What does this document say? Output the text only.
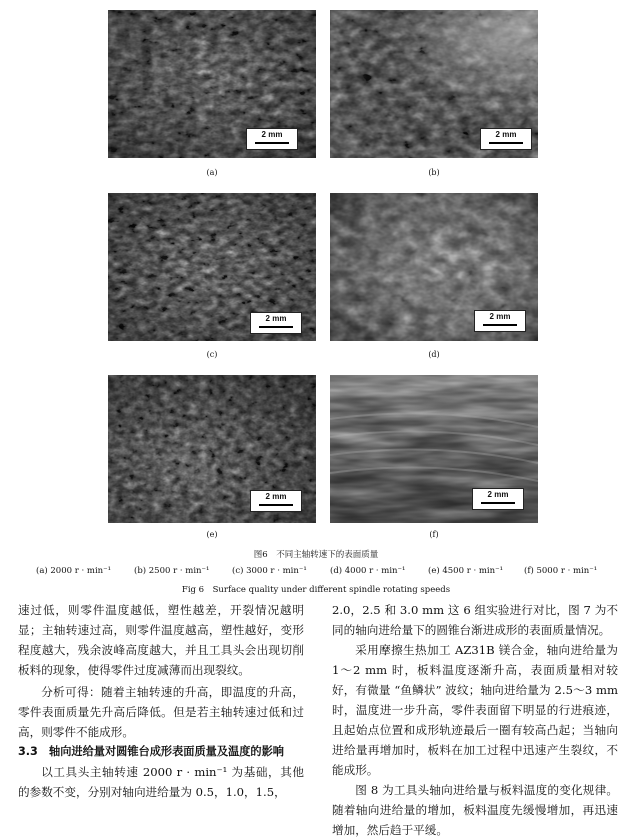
2 mm
(a)
2 mm
(b)
2 mm
(c)
2 mm
(d)
2 mm
(e)
2 mm
(f)
图6　不同主轴转速下的表面质量
(a) 2000 r · min⁻¹	(b) 2500 r · min⁻¹	(c) 3000 r · min⁻¹	(d) 4000 r · min⁻¹	(e) 4500 r · min⁻¹ (f) 5000 r · min⁻¹
Fig 6　Surface quality under different spindle rotating speeds

速过低，则零件温度越低，塑性越差，开裂情况越明显；主轴转速过高，则零件温度越高，塑性越好，变形程度越大，残余波峰高度越大，并且工具头会出现切削板料的现象，使得零件过度减薄而出现裂纹。

分析可得：随着主轴转速的升高，即温度的升高，零件表面质量先升高后降低。但是若主轴转速过低和过高，则零件不能成形。

3.3　轴向进给量对圆锥台成形表面质量及温度的影响

以工具头主轴转速 2000 r · min⁻¹ 为基础，其他的参数不变，分别对轴向进给量为 0.5，1.0，1.5，

2.0，2.5 和 3.0 mm 这 6 组实验进行对比，图 7 为不同的轴向进给量下的圆锥台渐进成形的表面质量情况。

采用摩擦生热加工 AZ31B 镁合金，轴向进给量为 1～2 mm 时，板料温度逐渐升高，表面质量相对较好，有微量 “鱼鳞状” 波纹；轴向进给量为 2.5～3 mm 时，温度进一步升高，零件表面留下明显的行进痕迹，且起始点位置和成形轨迹最后一圈有较高凸起；当轴向进给量再增加时，板料在加工过程中迅速产生裂纹，不能成形。

图 8 为工具头轴向进给量与板料温度的变化规律。随着轴向进给量的增加，板料温度先缓慢增加，再迅速增加，然后趋于平缓。
